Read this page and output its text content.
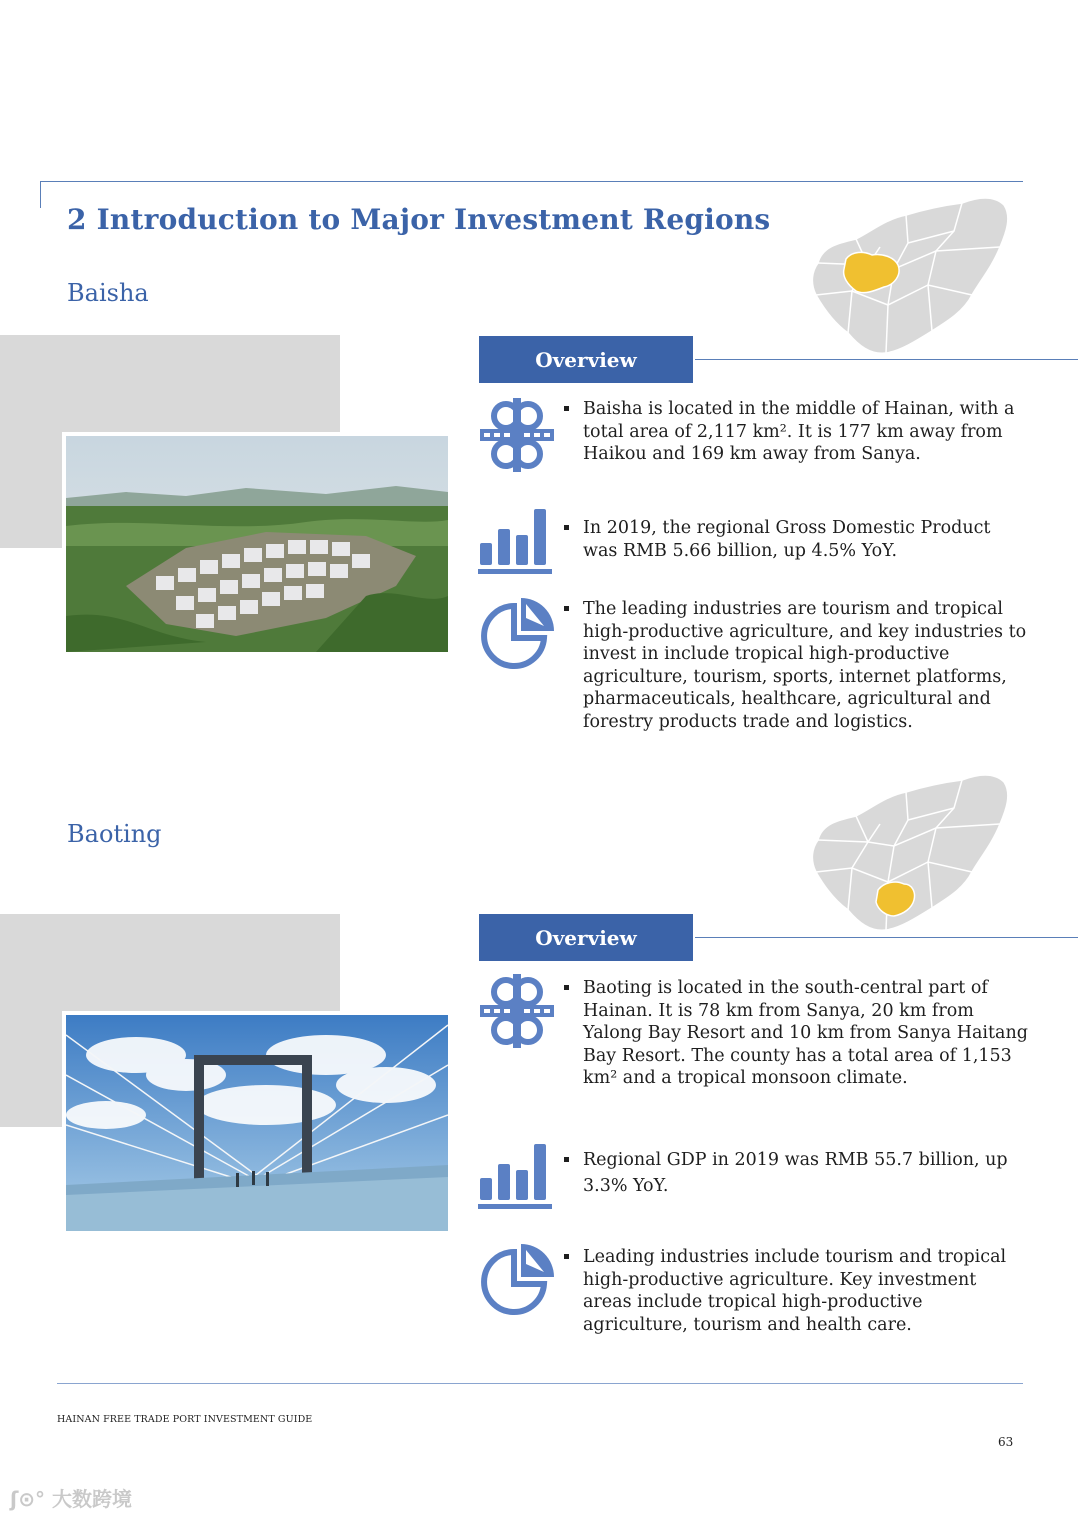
2 Introduction to Major Investment Regions
Baisha
Overview
▪ Baisha is located in the middle of Hainan, with a total area of 2,117 km². It is 177 km away from Haikou and 169 km away from Sanya.
▪ In 2019, the regional Gross Domestic Product was RMB 5.66 billion, up 4.5% YoY.
▪ The leading industries are tourism and tropical high-productive agriculture, and key industries to invest in include tropical high-productive agriculture, tourism, sports, internet platforms, pharmaceuticals, healthcare, agricultural and forestry products trade and logistics.
Baoting
Overview
▪ Baoting is located in the south-central part of Hainan. It is 78 km from Sanya, 20 km from Yalong Bay Resort and 10 km from Sanya Haitang Bay Resort. The county has a total area of 1,153 km² and a tropical monsoon climate.
▪ Regional GDP in 2019 was RMB 55.7 billion, up 3.3% YoY.
▪ Leading industries include tourism and tropical high-productive agriculture. Key investment areas include tropical high-productive agriculture, tourism and health care.
HAINAN FREE TRADE PORT INVESTMENT GUIDE
63
ʃ⊙° 大数跨境
